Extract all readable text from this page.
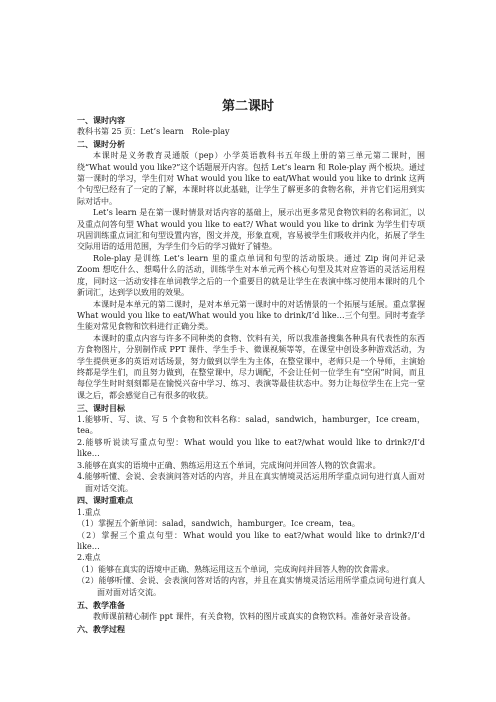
第二课时
一、课时内容

教科书第 25 页：Let’s learn　Role-play

二、课时分析

本课时是义务教育灵通版（pep）小学英语教科书五年级上册的第三单元第二课时，围绕“What would you like?”这个话题展开内容。包括 Let’s learn 和 Role-play 两个板块。通过第一课时的学习，学生们对 What would you like to eat/What would you like to drink 这两个句型已经有了一定的了解，本课时将以此基础，让学生了解更多的食物名称，并肯它们运用到实际对话中。

Let’s learn 是在第一课时情景对话内容的基础上，展示出更多常见食物饮料的名称词汇，以及重点问答句型 What would you like to eat?/ What would you like to drink 为学生们专项巩固训练重点词汇和句型设置内容，图文并茂，形象直观，容易被学生们吸收并内化，拓展了学生交际用语的适用范围，为学生们今后的学习做好了铺垫。

Role-play 是训练 Let’s learn 里的重点单词和句型的活动版块。通过 Zip 询问并记录 Zoom 想吃什么、想喝什么的活动，训练学生对本单元两个核心句型及其对应答语的灵活运用程度，同时这一活动安排在单词教学之后的一个重要目的就是让学生在表演中练习使用本课时的几个新词汇，达到学以致用的效果。

本课时是本单元的第二课时，是对本单元第一课时中的对话情景的一个拓展与延展。重点掌握 What would you like to eat/What would you like to drink/I’d like…三个句型。同时考查学生能对常见食物和饮料进行正确分类。

本课时的重点内容与许多不同种类的食物、饮料有关，所以我准备搜集各种具有代表性的东西方食物图片，分别制作成 PPT 课件、学生手卡、微课视频等等，在课堂中创设多种游戏活动，为学生提供更多的英语对话场景，努力做到以学生为主体，在整堂课中，老师只是一个导师，主演始终都是学生们，而且努力做到，在整堂课中，尽力调配，不会让任何一位学生有“空闲”时间，而且每位学生时时刻刻都是在愉悦兴奋中学习、练习、表演等最佳状态中。努力让每位学生在上完一堂课之后，都会感觉自己有很多的收获。

三、课时目标

1.能够听、写、读、写 5 个食物和饮料名称：salad，sandwich，hamburger，Ice cream，tea。

2.能够听说读写重点句型：What would you like to eat?/what would like to drink?/I’d like…

3.能够在真实的语境中正确、熟练运用这五个单词，完成询问并回答人物的饮食需求。

4.能够听懂、会说、会表演问答对话的内容，并且在真实情境灵活运用所学重点词句进行真人面对面对话交流。

四、课时重难点

1.重点

（1）掌握五个新单词：salad，sandwich，hamburger。Ice cream，tea。

（2）掌握三个重点句型：What would you like to eat?/what would like to drink?/I’d like…

2.难点

（1）能够在真实的语境中正确、熟练运用这五个单词，完成询问并回答人物的饮食需求。

（2）能够听懂、会说、会表演问答对话的内容，并且在真实情境灵活运用所学重点词句进行真人面对面对话交流。

五、教学准备

教师课前精心制作 ppt 课件，有关食物，饮料的图片或真实的食物饮料。准备好录音设备。

六、教学过程
